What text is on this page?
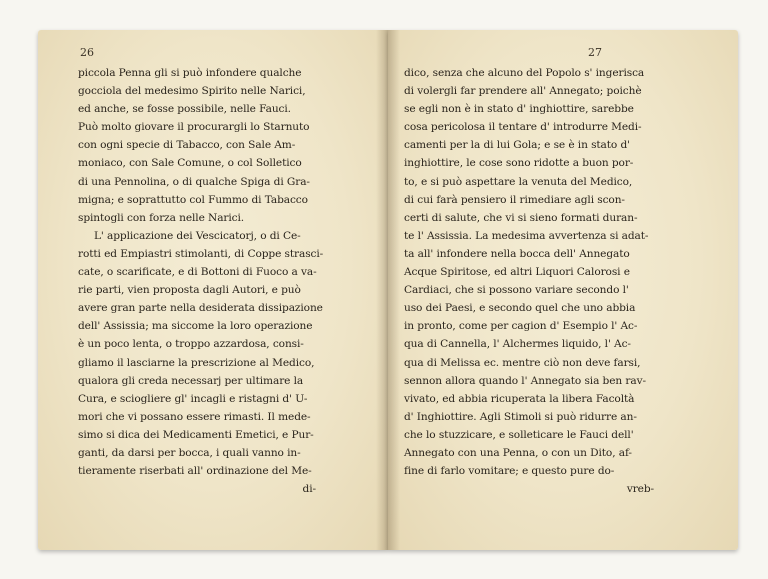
26	27
piccola Penna gli si può infondere qualche
gocciola del medesimo Spirito nelle Narici,
ed anche, se fosse possibile, nelle Fauci.
Può molto giovare il procurargli lo Starnuto
con ogni specie di Tabacco, con Sale Am-
moniaco, con Sale Comune, o col Solletico
di una Pennolina, o di qualche Spiga di Gra-
migna; e soprattutto col Fummo di Tabacco
spintogli con forza nelle Narici.
L' applicazione dei Vescicatorj, o di Ce-
rotti ed Empiastri stimolanti, di Coppe strasci-
cate, o scarificate, e di Bottoni di Fuoco a va-
rie parti, vien proposta dagli Autori, e può
avere gran parte nella desiderata dissipazione
dell' Assissia; ma siccome la loro operazione
è un poco lenta, o troppo azzardosa, consi-
gliamo il lasciarne la prescrizione al Medico,
qualora gli creda necessarj per ultimare la
Cura, e scioglierе gl' incagli e ristagni d' U-
mori che vi possano essere rimasti. Il mede-
simo si dica dei Medicamenti Emetici, e Pur-
ganti, da darsi per bocca, i quali vanno in-
tieramente riserbati all' ordinazione del Me-
di-
dico, senza che alcuno del Popolo s' ingerisca
di volergli far prendere all' Annegato; poichè
se egli non è in stato d' inghiottire, sarebbe
cosa pericolosa il tentare d' introdurre Medi-
camenti per la di lui Gola; e se è in stato d'
inghiottire, le cose sono ridotte a buon por-
to, e si può aspettare la venuta del Medico,
di cui farà pensiero il rimediare agli scon-
certi di salute, che vi si sieno formati duran-
te l' Assissia. La medesima avvertenza si adat-
ta all' infondere nella bocca dell' Annegato
Acque Spiritose, ed altri Liquori Calorosi e
Cardiaci, che si possono variare secondo l'
uso dei Paesi, e secondo quel che uno abbia
in pronto, come per cagion d' Esempio l' Ac-
qua di Cannella, l' Alchermes liquido, l' Ac-
qua di Melissa ec. mentre ciò non deve farsi,
sennon allora quando l' Annegato sia ben rav-
vivato, ed abbia ricuperata la libera Facoltà
d' Inghiottire. Agli Stimoli si può ridurre an-
che lo stuzzicare, e solleticare le Fauci dell'
Annegato con una Penna, o con un Dito, af-
fine di farlo vomitare; e questo pure do-
vreb-
